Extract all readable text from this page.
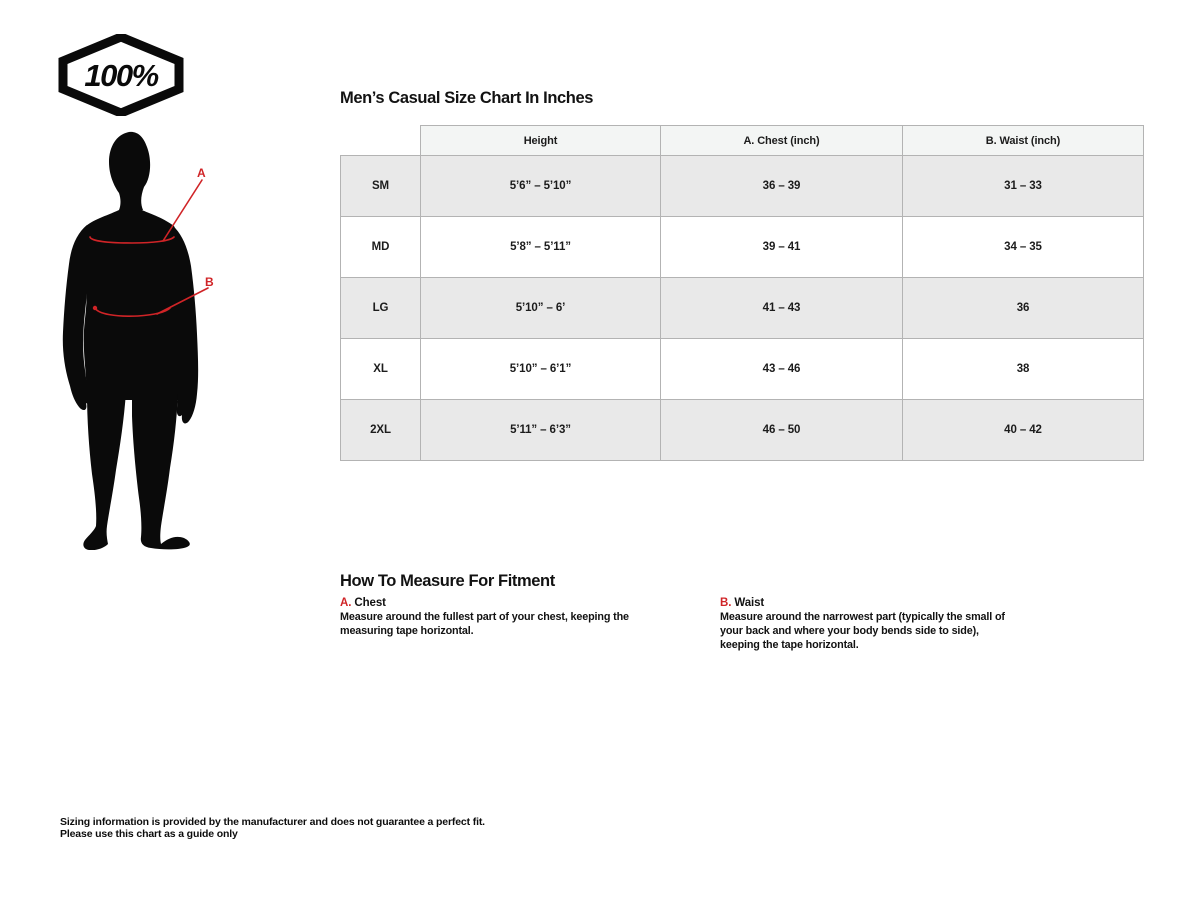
100%
A
B
Men’s Casual Size Chart In Inches
	Height	A. Chest (inch)	B. Waist (inch)
SM	5’6” – 5’10”	36 – 39	31 – 33
MD	5’8” – 5’11”	39 – 41	34 – 35
LG	5’10” – 6’	41 – 43	36
XL	5’10” – 6’1”	43 – 46	38
2XL	5’11” – 6’3”	46 – 50	40 – 42
How To Measure For Fitment
A. Chest
Measure around the fullest part of your chest, keeping the measuring tape horizontal.
B. Waist
Measure around the narrowest part (typically the small of your back and where your body bends side to side), keeping the tape horizontal.
Sizing information is provided by the manufacturer and does not guarantee a perfect fit.
Please use this chart as a guide only
